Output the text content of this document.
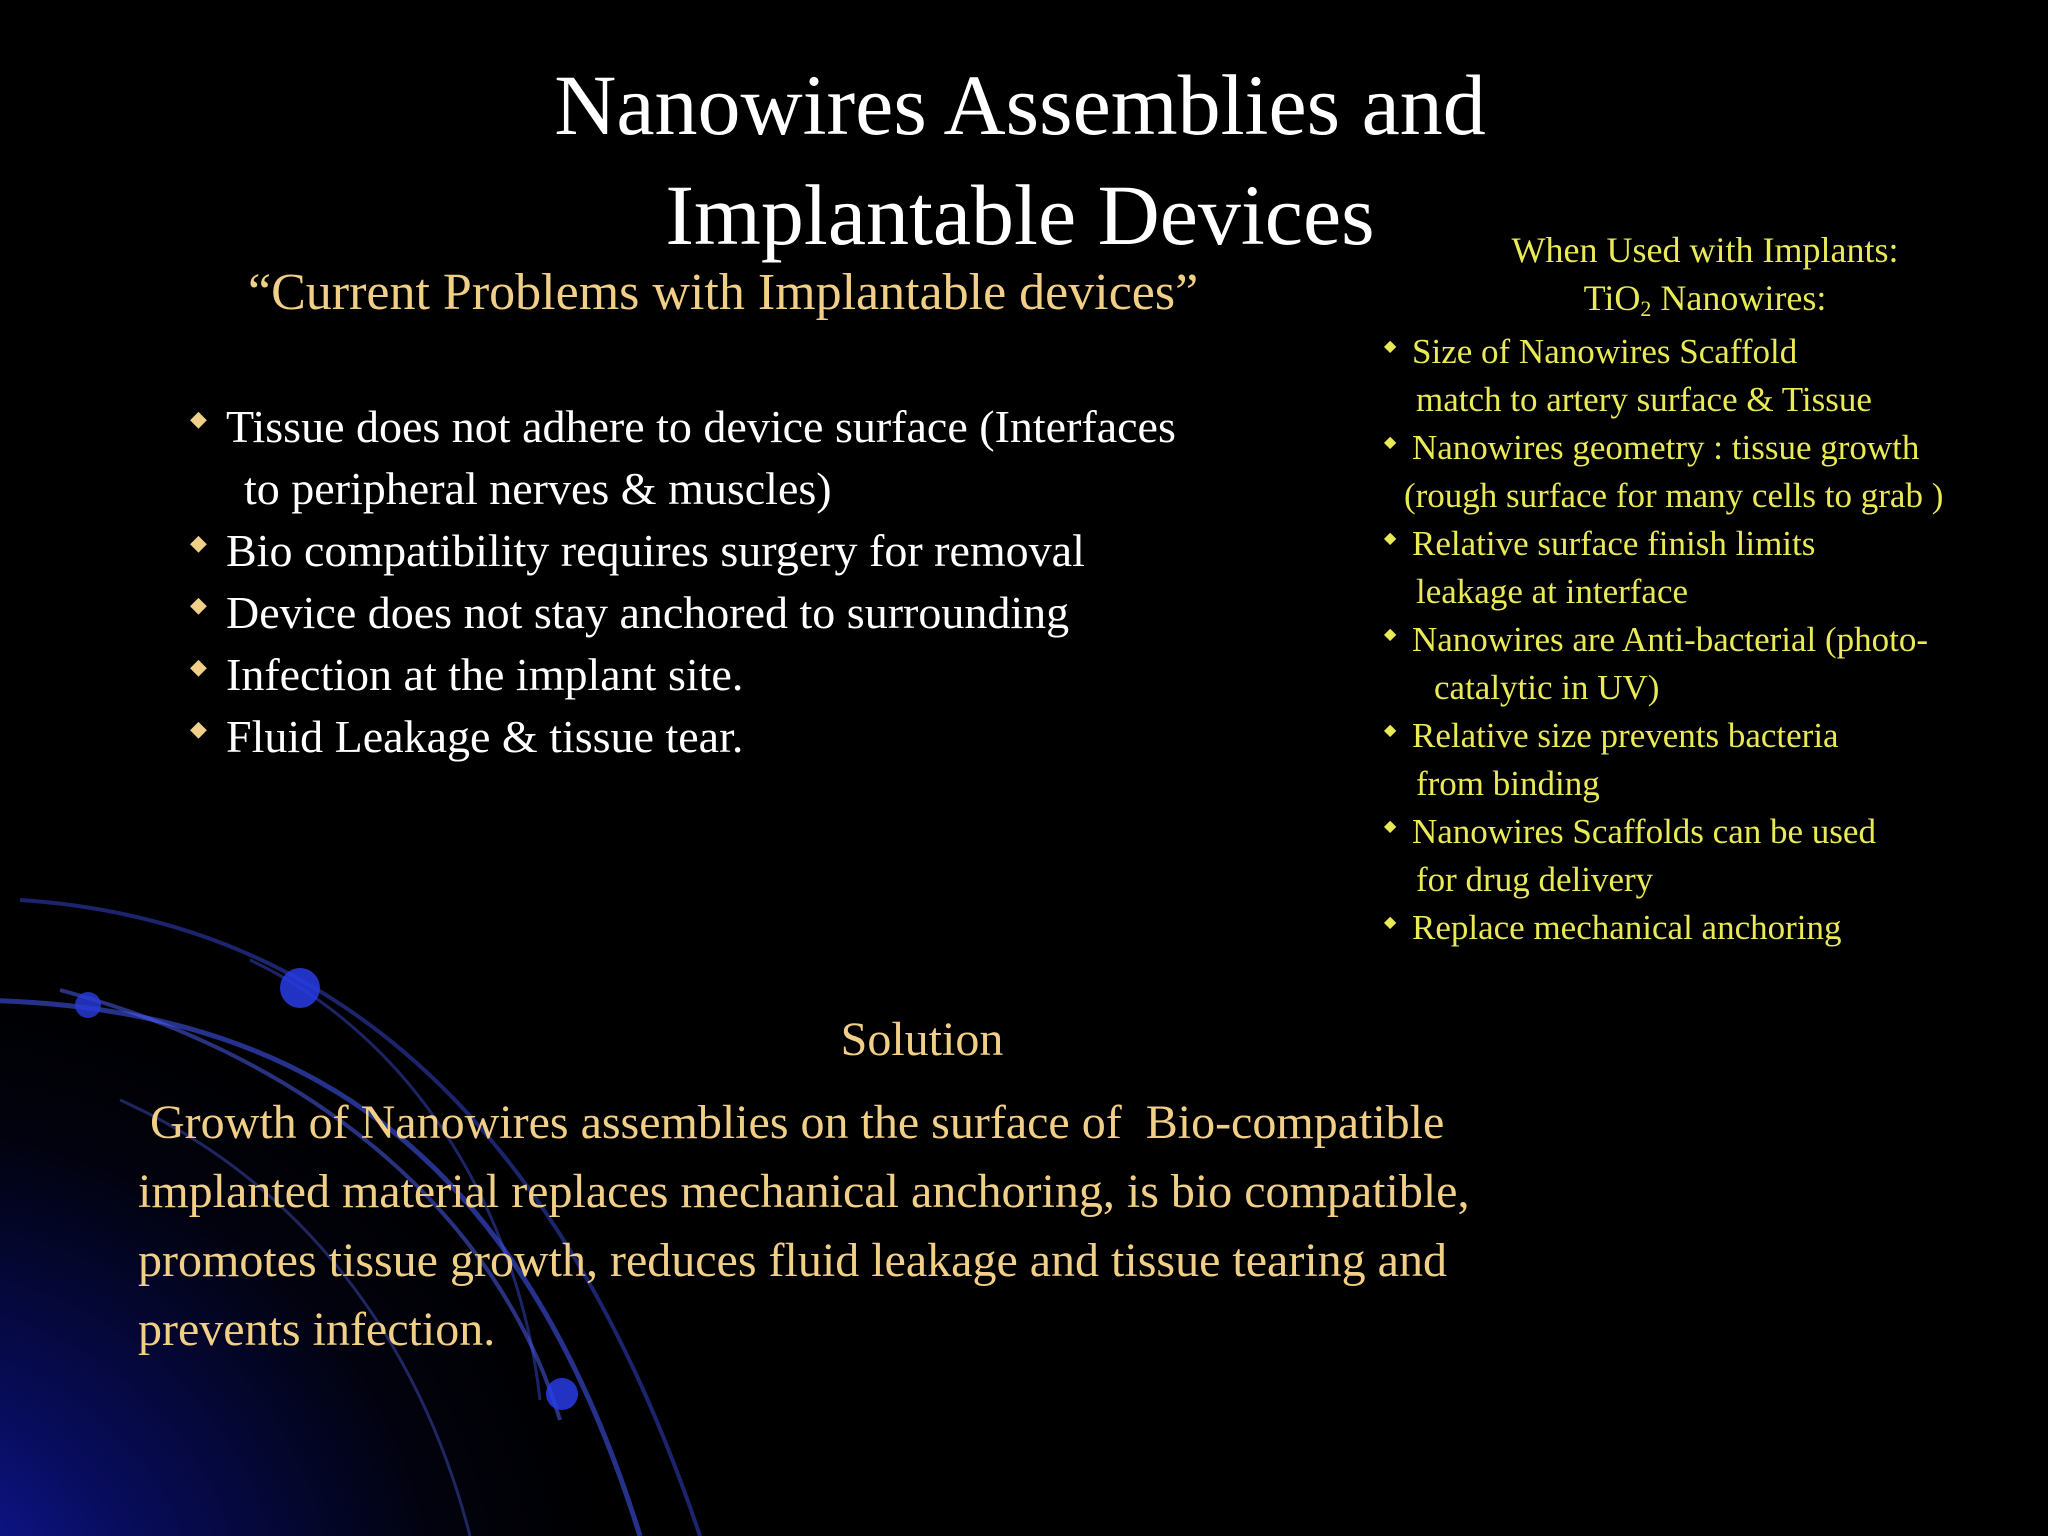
Nanowires Assemblies and
Implantable Devices
“Current Problems with Implantable devices”
◆ Tissue does not adhere to device surface (Interfaces
to peripheral nerves & muscles)
◆ Bio compatibility requires surgery for removal
◆ Device does not stay anchored to surrounding
◆ Infection at the implant site.
◆ Fluid Leakage & tissue tear.
When Used with Implants:
TiO$_2$ Nanowires:
◆ Size of Nanowires Scaffold
match to artery surface & Tissue
◆ Nanowires geometry : tissue growth
(rough surface for many cells to grab )
◆ Relative surface finish limits
leakage at interface
◆ Nanowires are Anti-bacterial (photo-
catalytic in UV)
◆ Relative size prevents bacteria
from binding
◆ Nanowires Scaffolds can be used
for drug delivery
◆ Replace mechanical anchoring
Solution

Growth of Nanowires assemblies on the surface of  Bio-compatible
implanted material replaces mechanical anchoring, is bio compatible,
promotes tissue growth, reduces fluid leakage and tissue tearing and
prevents infection.
